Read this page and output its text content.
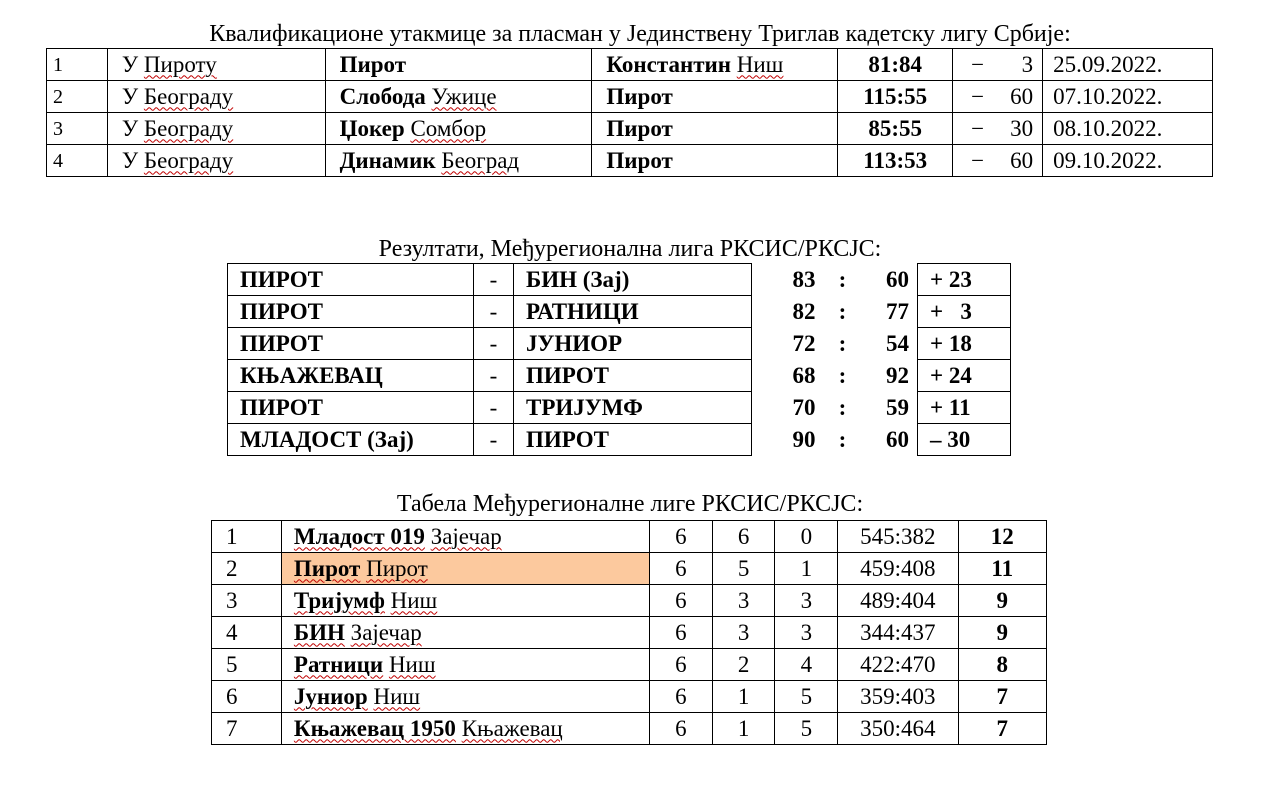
Квалификационе утакмице за пласман у Јединствену Триглав кадетску лигу Србије:
1	У Пироту	Пирот	Константин Ниш	81:84	− 3	25.09.2022.
2	У Београду	Слобода Ужице	Пирот	115:55	− 60	07.10.2022.
3	У Београду	Џокер Сомбор	Пирот	85:55	− 30	08.10.2022.
4	У Београду	Динамик Београд	Пирот	113:53	− 60	09.10.2022.
Резултати, Међурегионална лига РКСИС/РКСЈС:
ПИРОТ	-	БИН (Зај)	83	:	60	+ 23
ПИРОТ	-	РАТНИЦИ	82	:	77	+   3
ПИРОТ	-	ЈУНИОР	72	:	54	+ 18
КЊАЖЕВАЦ	-	ПИРОТ	68	:	92	+ 24
ПИРОТ	-	ТРИЈУМФ	70	:	59	+ 11
МЛАДОСТ (Зај)	-	ПИРОТ	90	:	60	– 30
Табела Међурегионалне лиге РКСИС/РКСЈС:
1	Младост 019 Зајечар	6	6	0	545:382	12
2	Пирот Пирот	6	5	1	459:408	11
3	Тријумф Ниш	6	3	3	489:404	9
4	БИН Зајечар	6	3	3	344:437	9
5	Ратници Ниш	6	2	4	422:470	8
6	Јуниор Ниш	6	1	5	359:403	7
7	Књажевац 1950 Књажевац	6	1	5	350:464	7
